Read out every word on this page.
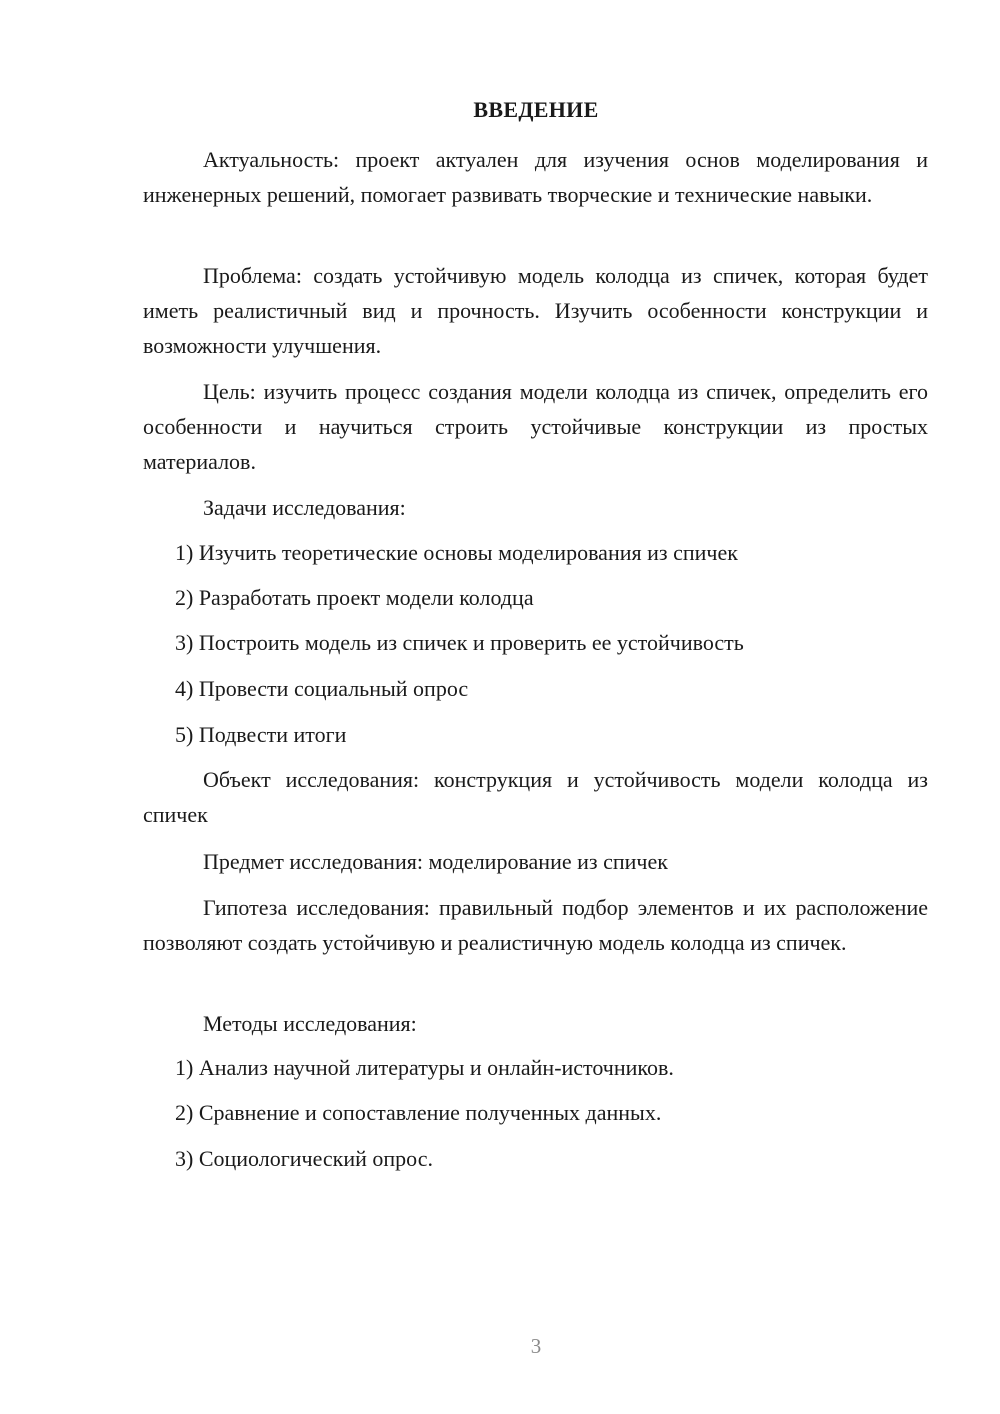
ВВЕДЕНИЕ

Актуальность: проект актуален для изучения основ моделирования и инженерных решений, помогает развивать творческие и технические навыки.

Проблема: создать устойчивую модель колодца из спичек, которая будет иметь реалистичный вид и прочность. Изучить особенности конструкции и возможности улучшения.

Цель: изучить процесс создания модели колодца из спичек, определить его особенности и научиться строить устойчивые конструкции из простых материалов.

Задачи исследования:

1) Изучить теоретические основы моделирования из спичек

2) Разработать проект модели колодца

3) Построить модель из спичек и проверить ее устойчивость

4) Провести социальный опрос

5) Подвести итоги

Объект исследования: конструкция и устойчивость модели колодца из спичек

Предмет исследования: моделирование из спичек

Гипотеза исследования: правильный подбор элементов и их расположение позволяют создать устойчивую и реалистичную модель колодца из спичек.

Методы исследования:

1) Анализ научной литературы и онлайн-источников.

2) Сравнение и сопоставление полученных данных.

3) Социологический опрос.

3
